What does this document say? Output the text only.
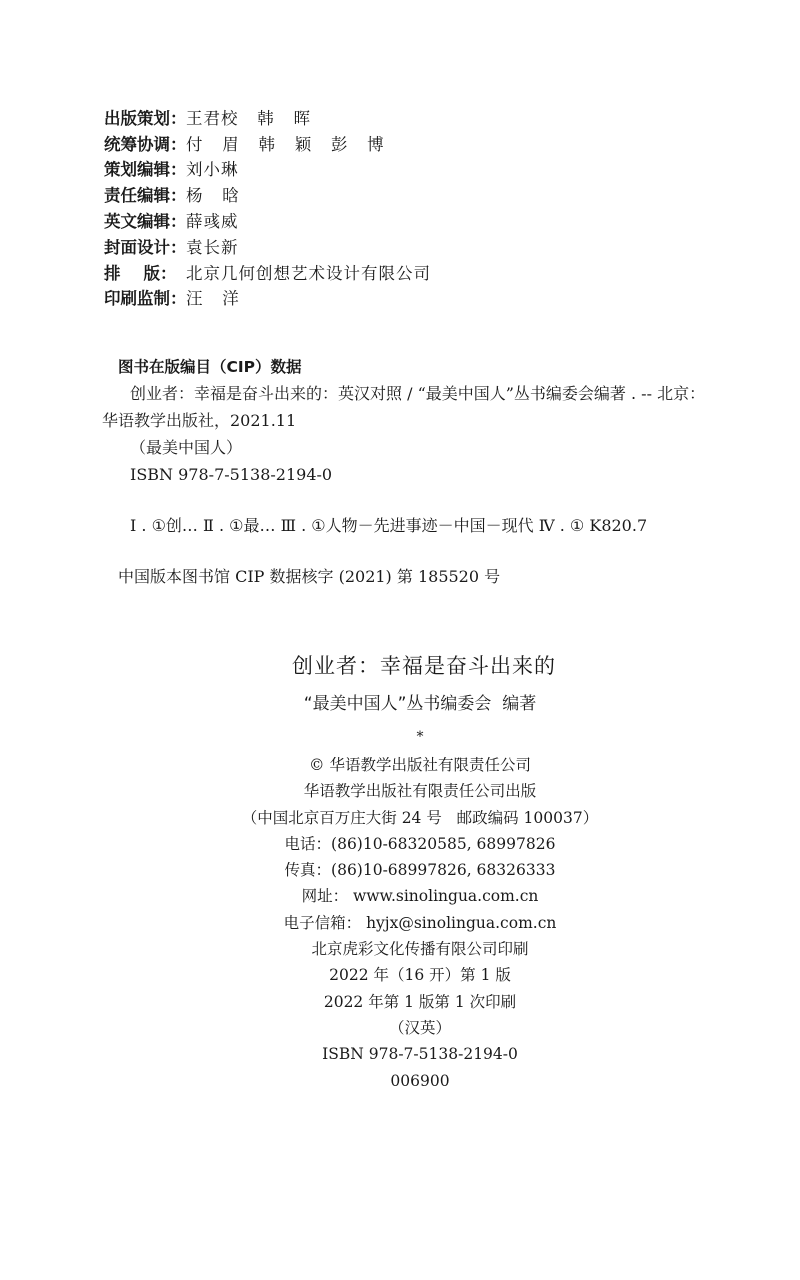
出版策划： 王君校   韩   晖
统筹协调： 付   眉   韩   颖   彭   博
策划编辑： 刘小琳
责任编辑： 杨   晗
英文编辑： 薛彧威
封面设计： 袁长新
排    版： 北京几何创想艺术设计有限公司
印刷监制： 汪   洋
图书在版编目（CIP）数据
创业者：幸福是奋斗出来的：英汉对照 / “最美中国人”丛书编委会编著 . -- 北京：
华语教学出版社，2021.11
（最美中国人）
ISBN 978-7-5138-2194-0
Ⅰ . ①创… Ⅱ . ①最… Ⅲ . ①人物－先进事迹－中国－现代 Ⅳ . ① K820.7
中国版本图书馆 CIP 数据核字 (2021) 第 185520 号
创业者：幸福是奋斗出来的
“最美中国人”丛书编委会  编著
*
© 华语教学出版社有限责任公司
华语教学出版社有限责任公司出版
（中国北京百万庄大街 24 号   邮政编码 100037）
电话：(86)10-68320585, 68997826
传真：(86)10-68997826, 68326333
网址： www.sinolingua.com.cn
电子信箱： hyjx@sinolingua.com.cn
北京虎彩文化传播有限公司印刷
2022 年（16 开）第 1 版
2022 年第 1 版第 1 次印刷
（汉英）
ISBN 978-7-5138-2194-0
006900
